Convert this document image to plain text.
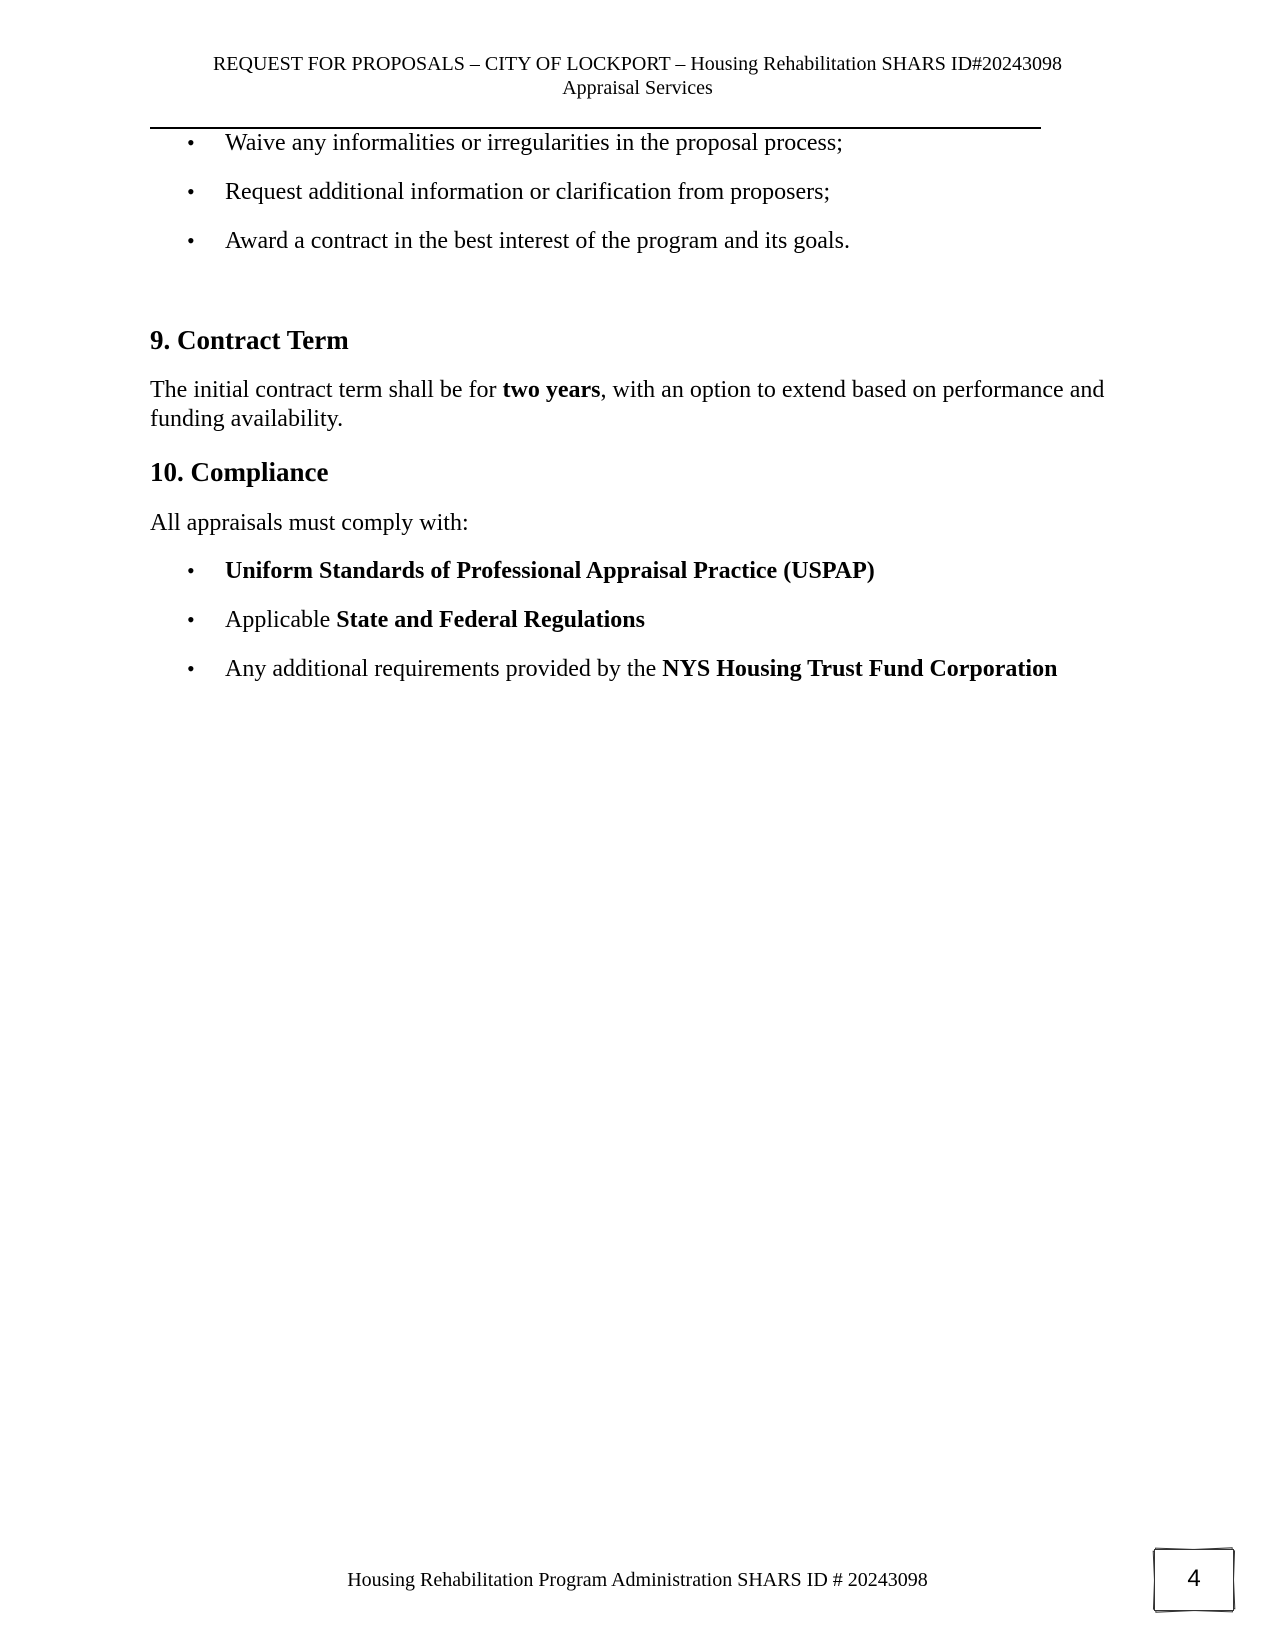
REQUEST FOR PROPOSALS – CITY OF LOCKPORT – Housing Rehabilitation SHARS ID#20243098
Appraisal Services
• Waive any informalities or irregularities in the proposal process;
• Request additional information or clarification from proposers;
• Award a contract in the best interest of the program and its goals.
9. Contract Term

The initial contract term shall be for two years, with an option to extend based on performance and funding availability.

10. Compliance

All appraisals must comply with:

• Uniform Standards of Professional Appraisal Practice (USPAP)
• Applicable State and Federal Regulations
• Any additional requirements provided by the NYS Housing Trust Fund Corporation
Housing Rehabilitation Program Administration SHARS ID # 20243098	4
